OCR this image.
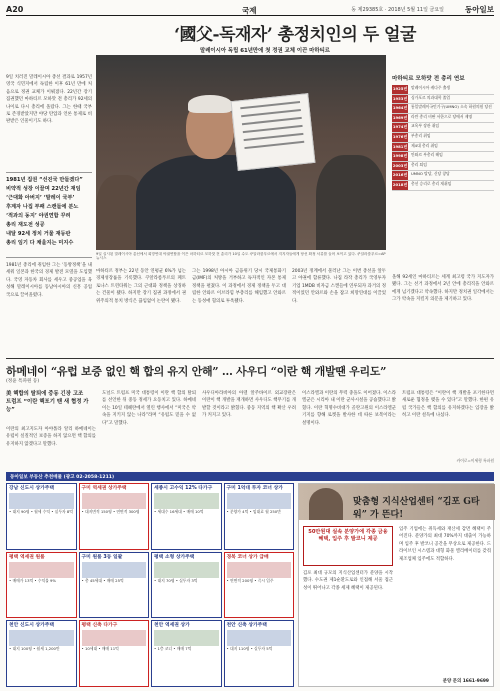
A20	국제	동 제29385호 · 2018년 5월 11일 금요일	동아일보
‘國父-독재자’ 총정치인의 두 얼굴
9일 치러진 말레이시아 총선 결과로 1957년 영국 식민지에서 독립한 이후 61년 만에 처음으로 정권 교체가 이뤄졌다. 22년간 장기 집권했던 마하티르 모하맛 전 총리가 92세의 나이로 다시 총리에 올랐다. 그는 한때 국부로 존경받았지만 야당 탄압과 언론 통제로 비판받은 인물이기도 하다.
1981년 집권 “선진국 만들겠다”
비약적 성장 이끌며 22년간 재임
‘근대화 아버지’ ‘말레이 국부’
후계자 나집 부패 스캔들에 분노
‘적과의 동지’ 야권연합 꾸려
총리 재도전 성공
내달 92세 정치 거물 재등판
총리 임기 다 채울지는 미지수
말레이시아 독립 61년만에 첫 정권 교체 이끈 마하티르
9일 실시된 말레이시아 총선에서 희망연대 야권연합을 이끈 마하티르 모하맛 전 총리가 10일 수도 쿠알라룸푸르에서 지지자들에게 당선 확정 서류를 들어 보이고 있다. 쿠알라룸푸르=AP 뉴시스
1981년 총리에 취임한 그는 ‘동방정책’을 내세워 일본과 한국의 경제 발전 모델을 도입했다. 국영 자동차 회사를 세우고 중공업을 육성해 말레이시아를 동남아시아의 신흥 공업국으로 끌어올렸다.
마하티르 정부는 22년 동안 연평균 6%가 넘는 경제성장률을 기록했다. 쿠알라룸푸르의 페트로나스 트윈타워는 그의 근대화 정책을 상징하는 건물이 됐다. 하지만 장기 집권 과정에서 권위주의적 통치 방식은 끊임없이 논란이 됐다.
그는 1998년 아시아 금융위기 당시 국제통화기금(IMF)의 처방을 거부하고 독자적인 자본 통제 정책을 펼쳤다. 이 과정에서 경제 정책을 두고 대립한 안와르 이브라힘 부총리를 해임했고 안와르는 동성애 혐의로 투옥됐다.
2003년 정계에서 물러난 그는 이번 총선을 앞두고 야권에 합류했다. 나집 라작 총리가 국영투자기업 1MDB 비자금 스캔들에 연루되자 과거의 정적이었던 안와르와 손을 잡고 희망연대를 이끌었다.
마하티르 모하맛 전 총리 연보
1925년	말레이시아 케다주 출생
1953년	싱가포르 의과대학 졸업
1964년	통일말레이국민기구(UMNO) 소속 하원의원 당선
1969년	라만 총리 비판 서한으로 당에서 제명
1974년	교육부 장관 취임
1976년	부총리 취임
1981년	제4대 총리 취임
1998년	안와르 부총리 해임
2003년	총리 퇴임
2016년	UMNO 탈당, 신당 창당
2018년	총선 승리로 총리 재취임
올해 92세인 마하티르는 세계 최고령 국가 지도자가 됐다. 그는 선거 과정에서 2년 안에 총리직을 안와르에게 넘기겠다고 약속했다. 하지만 정치권 일각에서는 그가 약속을 지킬지 의문을 제기하고 있다.
하메네이 “유럽 보증 없인 핵 합의 유지 안해” … 사우디 “이란 핵 개발땐 우리도”
(정윤 특파원 등)
美 핵합의 탈퇴에 중동 긴장 고조
트럼프 “이란 핵포기 땐 새 협정 가능”
이란의 최고지도자 아야톨라 알리 하메네이는 유럽이 실질적인 보증을 하지 않으면 핵 합의를 유지하지 않겠다고 말했다.
도널드 트럼프 미국 대통령이 이란 핵 합의 탈퇴를 선언한 뒤 중동 정세가 요동치고 있다. 하메네이는 10일 테헤란에서 열린 행사에서 “미국은 약속을 지키지 않는 나라”라며 “유럽도 믿을 수 없다”고 말했다.
사우디아라비아의 아델 알주바이르 외교장관은 이란이 핵 개발을 재개하면 사우디도 핵무기를 개발할 것이라고 밝혔다. 중동 지역의 핵 확산 우려가 커지고 있다.
이스라엘과 이란의 무력 충돌도 이어졌다. 이스라엘군은 시리아 내 이란 군사시설을 공습했다고 밝혔다. 이란 혁명수비대가 골란고원의 이스라엘군 기지를 향해 로켓을 발사한 데 따른 보복이라는 설명이다.
트럼프 대통령은 “이란이 핵 개발을 포기한다면 새로운 협정을 맺을 수 있다”고 말했다. 한편 유럽 국가들은 핵 합의를 유지하겠다는 입장을 밝히고 이란 설득에 나섰다.
카이로=이세형 특파원
동아일보 부동산 추천매물 (광고 02-2058-1211)
강남 신도시 상가주택
• 대지 90평 • 월세 수익 • 실투자 8억
구미 역세권 상가주택
• 대지면적 150평 • 연면적 300평
세종시 고수익 12% 다가구
• 세대수 16세대 • 매매 10억
구미 1억대 투자 코너 상가
• 분양가 4억 • 임대료 월 250만
평택 역세권 원룸
• 매매가 13억 • 수익률 9%
구미 원룸 3동 일괄
• 총 45세대 • 매매 25억
평택 소형 상가주택
• 대지 70평 • 실투자 3억
경북 코너 상가 급매
• 연면적 200평 • 즉시 입주
천안 신도시 상가주택
• 대지 100평 • 월세 1,200만
평택 신축 다가구
• 10세대 • 매매 11억
천안 역세권 상가
• 1층 코너 • 매매 7억
천안 신축 상가주택
• 대지 110평 • 실투자 5억
맞춤형 지식산업센터 “김포 G타워” 가 뜬다!
50만원대 실속 분양가에 각종 금융혜택, 입주 후 발코니 제공
김포 최대 규모의 지식산업센터가 분양을 시작했다. 수도권 제1순환도로와 인접해 서울 접근성이 뛰어나고 각종 세제 혜택이 제공된다.
입주 기업에는 취득세와 재산세 감면 혜택이 주어진다. 분양가의 최대 70%까지 대출이 가능하며 입주 후 발코니 공간을 무상으로 제공한다. 드라이브인 시스템과 대형 화물 엘리베이터를 갖춰 제조업체 입주에도 적합하다.
분양 문의 1661-9699
